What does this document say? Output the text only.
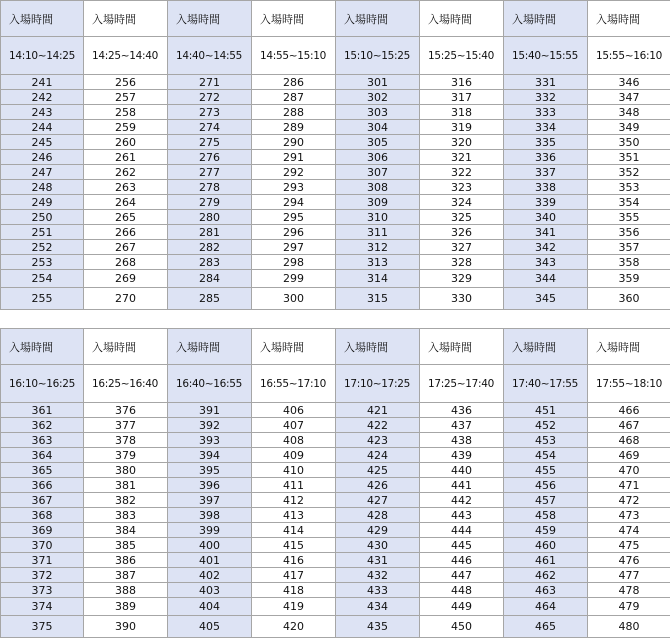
入場時間	入場時間	入場時間	入場時間	入場時間	入場時間	入場時間	入場時間
14:10~14:25	14:25~14:40	14:40~14:55	14:55~15:10	15:10~15:25	15:25~15:40	15:40~15:55	15:55~16:10
241	256	271	286	301	316	331	346
242	257	272	287	302	317	332	347
243	258	273	288	303	318	333	348
244	259	274	289	304	319	334	349
245	260	275	290	305	320	335	350
246	261	276	291	306	321	336	351
247	262	277	292	307	322	337	352
248	263	278	293	308	323	338	353
249	264	279	294	309	324	339	354
250	265	280	295	310	325	340	355
251	266	281	296	311	326	341	356
252	267	282	297	312	327	342	357
253	268	283	298	313	328	343	358
254	269	284	299	314	329	344	359
255	270	285	300	315	330	345	360
入場時間	入場時間	入場時間	入場時間	入場時間	入場時間	入場時間	入場時間
16:10~16:25	16:25~16:40	16:40~16:55	16:55~17:10	17:10~17:25	17:25~17:40	17:40~17:55	17:55~18:10
361	376	391	406	421	436	451	466
362	377	392	407	422	437	452	467
363	378	393	408	423	438	453	468
364	379	394	409	424	439	454	469
365	380	395	410	425	440	455	470
366	381	396	411	426	441	456	471
367	382	397	412	427	442	457	472
368	383	398	413	428	443	458	473
369	384	399	414	429	444	459	474
370	385	400	415	430	445	460	475
371	386	401	416	431	446	461	476
372	387	402	417	432	447	462	477
373	388	403	418	433	448	463	478
374	389	404	419	434	449	464	479
375	390	405	420	435	450	465	480
